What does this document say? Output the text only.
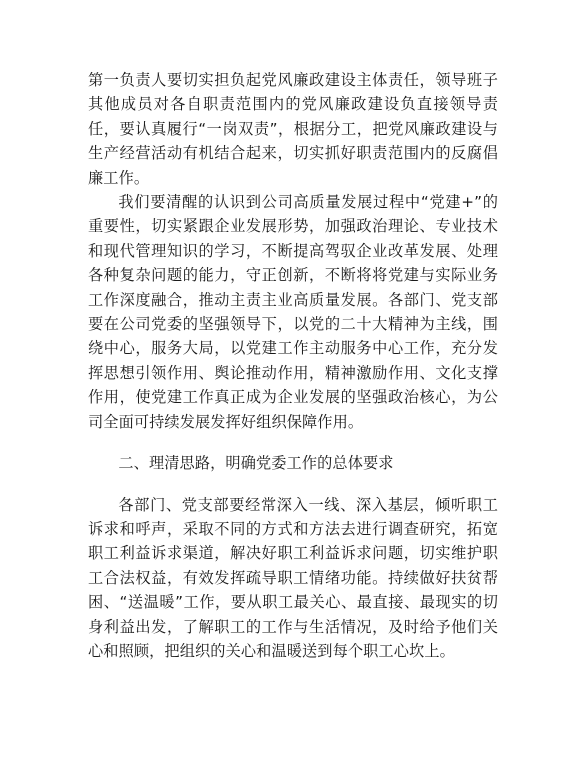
第一负责人要切实担负起党风廉政建设主体责任，领导班子其他成员对各自职责范围内的党风廉政建设负直接领导责任，要认真履行“一岗双责”，根据分工，把党风廉政建设与生产经营活动有机结合起来，切实抓好职责范围内的反腐倡廉工作。

我们要清醒的认识到公司高质量发展过程中“党建+”的重要性，切实紧跟企业发展形势，加强政治理论、专业技术和现代管理知识的学习，不断提高驾驭企业改革发展、处理各种复杂问题的能力，守正创新，不断将将党建与实际业务工作深度融合，推动主责主业高质量发展。各部门、党支部要在公司党委的坚强领导下，以党的二十大精神为主线，围绕中心，服务大局，以党建工作主动服务中心工作，充分发挥思想引领作用、舆论推动作用，精神激励作用、文化支撑作用，使党建工作真正成为企业发展的坚强政治核心，为公司全面可持续发展发挥好组织保障作用。

二、理清思路，明确党委工作的总体要求

各部门、党支部要经常深入一线、深入基层，倾听职工诉求和呼声，采取不同的方式和方法去进行调查研究，拓宽职工利益诉求渠道，解决好职工利益诉求问题，切实维护职工合法权益，有效发挥疏导职工情绪功能。持续做好扶贫帮困、“送温暖”工作，要从职工最关心、最直接、最现实的切身利益出发，了解职工的工作与生活情况，及时给予他们关心和照顾，把组织的关心和温暖送到每个职工心坎上。
